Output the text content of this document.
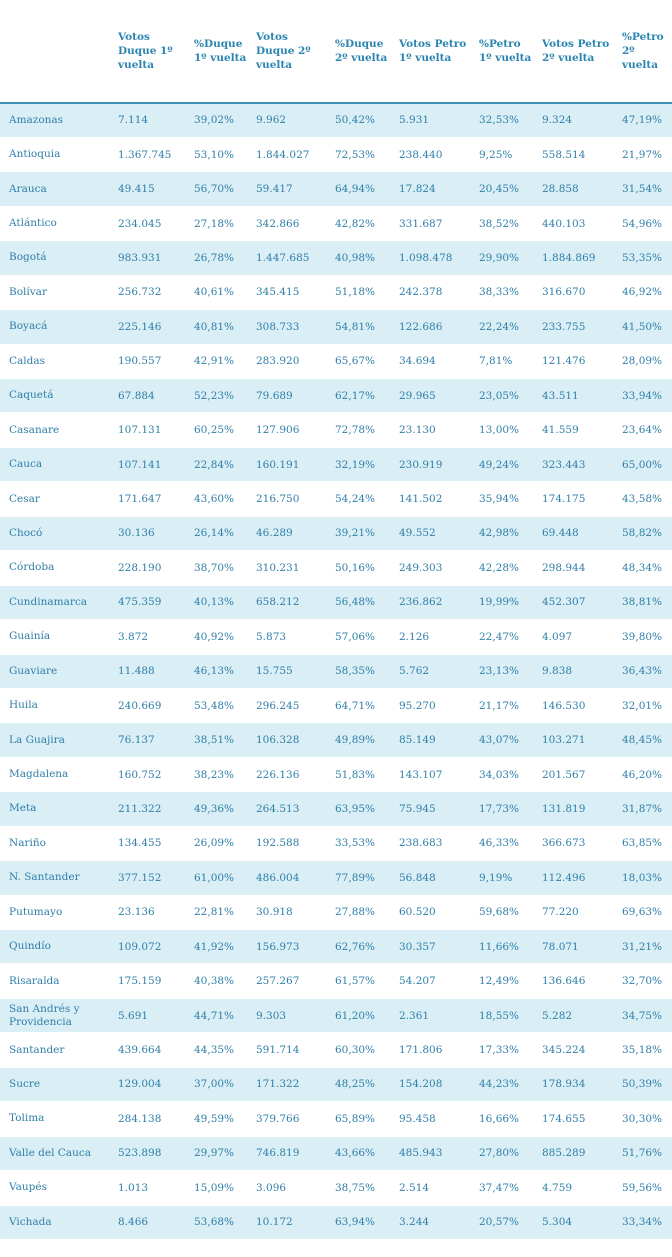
	Votos Duque 1º vuelta	%Duque 1º vuelta	Votos Duque 2º vuelta	%Duque 2º vuelta	Votos Petro 1º vuelta	%Petro 1º vuelta	Votos Petro 2º vuelta	%Petro 2º vuelta
Amazonas	7.114	39,02%	9.962	50,42%	5.931	32,53%	9.324	47,19%
Antioquia	1.367.745	53,10%	1.844.027	72,53%	238.440	9,25%	558.514	21,97%
Arauca	49.415	56,70%	59.417	64,94%	17.824	20,45%	28.858	31,54%
Atlántico	234.045	27,18%	342.866	42,82%	331.687	38,52%	440.103	54,96%
Bogotá	983.931	26,78%	1.447.685	40,98%	1.098.478	29,90%	1.884.869	53,35%
Bolívar	256.732	40,61%	345.415	51,18%	242.378	38,33%	316.670	46,92%
Boyacá	225.146	40,81%	308.733	54,81%	122.686	22,24%	233.755	41,50%
Caldas	190.557	42,91%	283.920	65,67%	34.694	7,81%	121.476	28,09%
Caquetá	67.884	52,23%	79.689	62,17%	29.965	23,05%	43.511	33,94%
Casanare	107.131	60,25%	127.906	72,78%	23.130	13,00%	41.559	23,64%
Cauca	107.141	22,84%	160.191	32,19%	230.919	49,24%	323.443	65,00%
Cesar	171.647	43,60%	216.750	54,24%	141.502	35,94%	174.175	43,58%
Chocó	30.136	26,14%	46.289	39,21%	49.552	42,98%	69.448	58,82%
Córdoba	228.190	38,70%	310.231	50,16%	249.303	42,28%	298.944	48,34%
Cundinamarca	475.359	40,13%	658.212	56,48%	236.862	19,99%	452.307	38,81%
Guainía	3.872	40,92%	5.873	57,06%	2.126	22,47%	4.097	39,80%
Guaviare	11.488	46,13%	15.755	58,35%	5.762	23,13%	9.838	36,43%
Huila	240.669	53,48%	296.245	64,71%	95.270	21,17%	146.530	32,01%
La Guajira	76.137	38,51%	106.328	49,89%	85.149	43,07%	103.271	48,45%
Magdalena	160.752	38,23%	226.136	51,83%	143.107	34,03%	201.567	46,20%
Meta	211.322	49,36%	264.513	63,95%	75.945	17,73%	131.819	31,87%
Nariño	134.455	26,09%	192.588	33,53%	238.683	46,33%	366.673	63,85%
N. Santander	377.152	61,00%	486.004	77,89%	56.848	9,19%	112.496	18,03%
Putumayo	23.136	22,81%	30.918	27,88%	60.520	59,68%	77.220	69,63%
Quindío	109.072	41,92%	156.973	62,76%	30.357	11,66%	78.071	31,21%
Risaralda	175.159	40,38%	257.267	61,57%	54.207	12,49%	136.646	32,70%
San Andrés y Providencia	5.691	44,71%	9.303	61,20%	2.361	18,55%	5.282	34,75%
Santander	439.664	44,35%	591.714	60,30%	171.806	17,33%	345.224	35,18%
Sucre	129.004	37,00%	171.322	48,25%	154.208	44,23%	178.934	50,39%
Tolima	284.138	49,59%	379.766	65,89%	95.458	16,66%	174.655	30,30%
Valle del Cauca	523.898	29,97%	746.819	43,66%	485.943	27,80%	885.289	51,76%
Vaupés	1.013	15,09%	3.096	38,75%	2.514	37,47%	4.759	59,56%
Vichada	8.466	53,68%	10.172	63,94%	3.244	20,57%	5.304	33,34%
